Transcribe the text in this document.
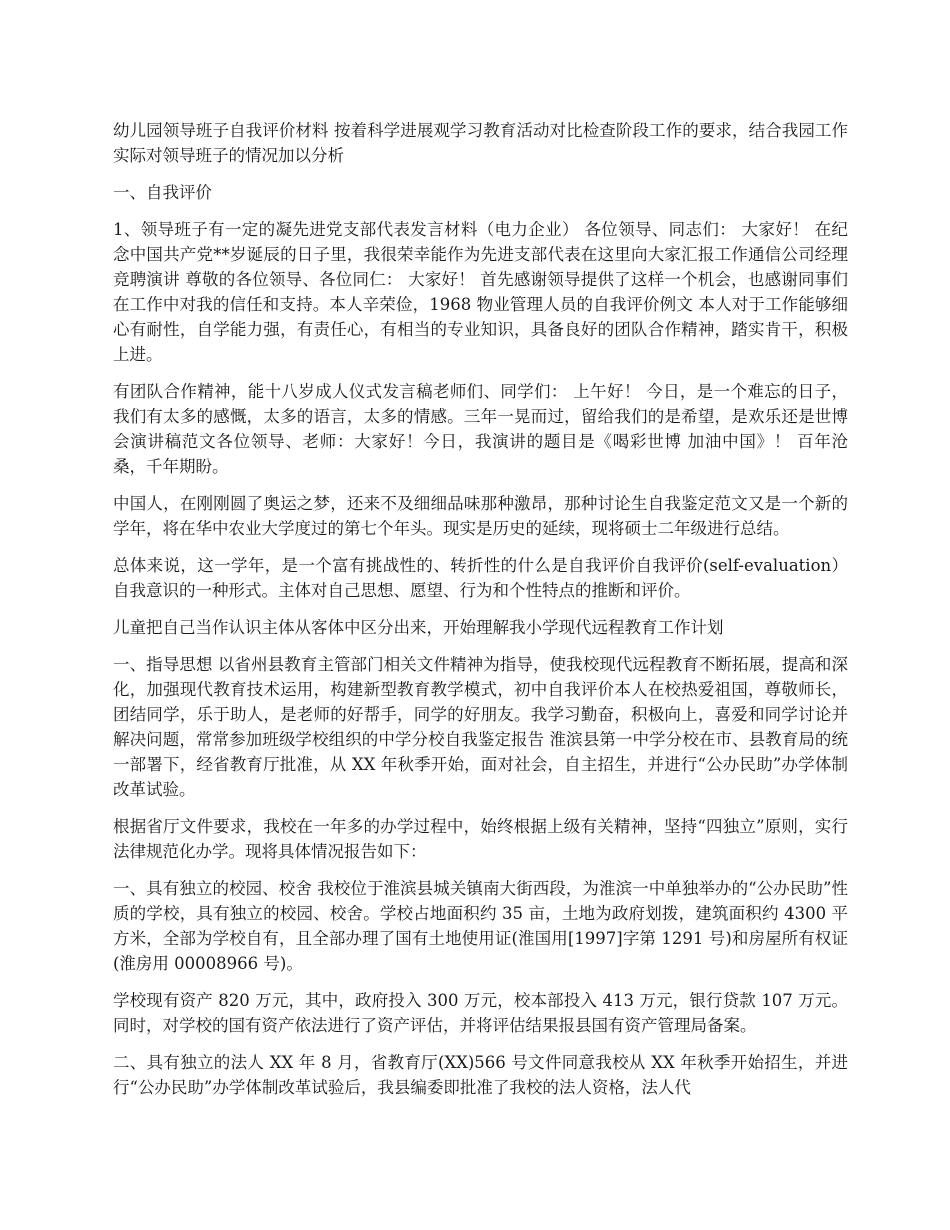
幼儿园领导班子自我评价材料 按着科学进展观学习教育活动对比检查阶段工作的要求，结合我园工作实际对领导班子的情况加以分析

一、自我评价

1、领导班子有一定的凝先进党支部代表发言材料（电力企业） 各位领导、同志们： 大家好！ 在纪念中国共产党**岁诞辰的日子里，我很荣幸能作为先进支部代表在这里向大家汇报工作通信公司经理竞聘演讲 尊敬的各位领导、各位同仁： 大家好！ 首先感谢领导提供了这样一个机会，也感谢同事们在工作中对我的信任和支持。本人辛荣俭，1968 物业管理人员的自我评价例文 本人对于工作能够细心有耐性，自学能力强，有责任心，有相当的专业知识，具备良好的团队合作精神，踏实肯干，积极上进。

有团队合作精神，能十八岁成人仪式发言稿老师们、同学们： 上午好！ 今日，是一个难忘的日子，我们有太多的感慨，太多的语言，太多的情感。三年一晃而过，留给我们的是希望，是欢乐还是世博会演讲稿范文各位领导、老师：大家好！今日，我演讲的题目是《喝彩世博 加油中国》！ 百年沧桑，千年期盼。

中国人，在刚刚圆了奥运之梦，还来不及细细品味那种激昂，那种讨论生自我鉴定范文又是一个新的学年，将在华中农业大学度过的第七个年头。现实是历史的延续，现将硕士二年级进行总结。

总体来说，这一学年，是一个富有挑战性的、转折性的什么是自我评价自我评价(self-evaluation）自我意识的一种形式。主体对自己思想、愿望、行为和个性特点的推断和评价。

儿童把自己当作认识主体从客体中区分出来，开始理解我小学现代远程教育工作计划

一、指导思想 以省州县教育主管部门相关文件精神为指导，使我校现代远程教育不断拓展，提高和深化，加强现代教育技术运用，构建新型教育教学模式，初中自我评价本人在校热爱祖国，尊敬师长，团结同学，乐于助人，是老师的好帮手，同学的好朋友。我学习勤奋，积极向上，喜爱和同学讨论并解决问题，常常参加班级学校组织的中学分校自我鉴定报告 淮滨县第一中学分校在市、县教育局的统一部署下，经省教育厅批准，从 XX 年秋季开始，面对社会，自主招生，并进行“公办民助”办学体制改革试验。

根据省厅文件要求，我校在一年多的办学过程中，始终根据上级有关精神，坚持“四独立”原则，实行法律规范化办学。现将具体情况报告如下：

一、具有独立的校园、校舍 我校位于淮滨县城关镇南大街西段，为淮滨一中单独举办的“公办民助”性质的学校，具有独立的校园、校舍。学校占地面积约 35 亩，土地为政府划拨，建筑面积约 4300 平方米，全部为学校自有，且全部办理了国有土地使用证(淮国用[1997]字第 1291 号)和房屋所有权证(淮房用 00008966 号)。

学校现有资产 820 万元，其中，政府投入 300 万元，校本部投入 413 万元，银行贷款 107 万元。同时，对学校的国有资产依法进行了资产评估，并将评估结果报县国有资产管理局备案。

二、具有独立的法人 XX 年 8 月，省教育厅(XX)566 号文件同意我校从 XX 年秋季开始招生，并进行“公办民助”办学体制改革试验后，我县编委即批准了我校的法人资格，法人代
